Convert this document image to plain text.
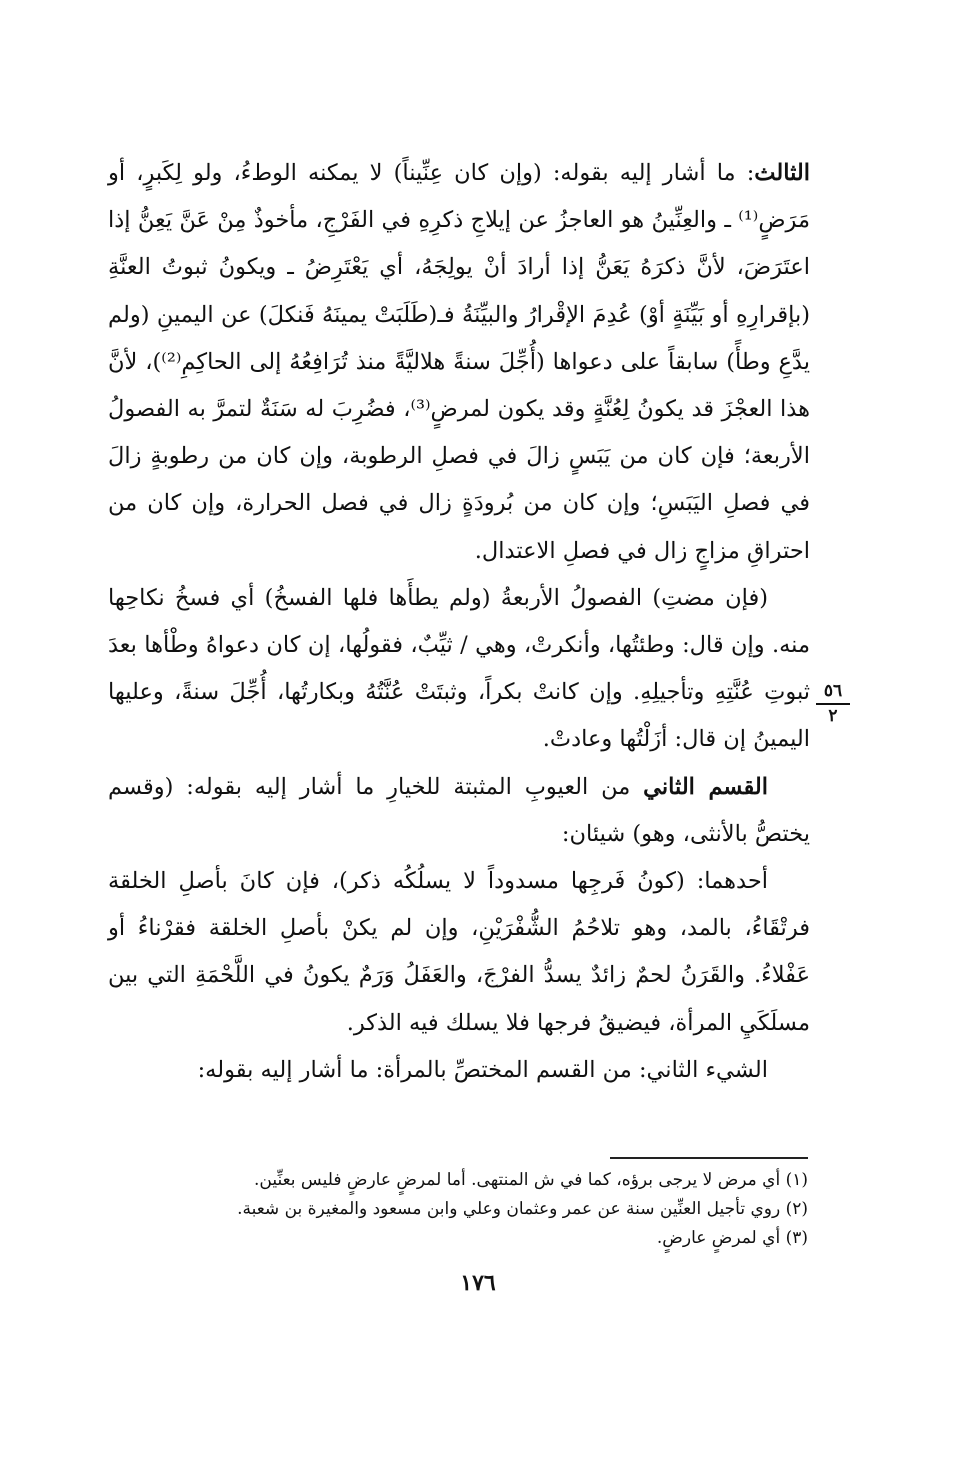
الثالث: ما أشار إليه بقوله: (وإن كان عِنِّيناً) لا يمكنه الوطءُ، ولو لِكَبرٍ، أو مَرَضٍ⁽¹⁾ ـ والعِنِّينُ هو العاجزُ عن إيلاجِ ذكرِهِ في الفَرْجِ، مأخوذٌ مِنْ عَنَّ يَعِنُّ إذا اعتَرَضَ، لأنَّ ذكرَهُ يَعَنُّ إذا أرادَ أنْ يولِجَهُ، أي يَعْتَرِضُ ـ ويكونُ ثبوتُ العنَّةِ (بإقرارِهِ أو بَيِّنَةٍ أوْ) عُدِمَ الإقْرارُ والبيِّنَةُ فـ(طَلَبَتْ يمينَهُ فَنكلَ) عن اليمينِ (ولم يدَّعِ وطأً) سابقاً على دعواها (أُجِّلَ سنةً هلاليَّةً منذ تُرَافِعُهُ إلى الحاكِمِ⁽²⁾)، لأنَّ هذا العجْزَ قد يكونُ لِعُنَّةٍ وقد يكون لمرضٍ⁽³⁾، فضُرِبَ له سَنَةٌ لتمرَّ به الفصولُ الأربعة؛ فإن كان من يَبَسٍ زالَ في فصلِ الرطوبة، وإن كان من رطوبةٍ زالَ في فصلِ اليَبَسِ؛ وإن كان من بُرودَةٍ زال في فصل الحرارة، وإن كان من احتراقِ مزاجٍ زال في فصلِ الاعتدال.

(فإن مضتِ) الفصولُ الأربعةُ (ولم يطأَها فلها الفسخُ) أي فسخُ نكاحِها منه. وإن قال: وطئتُها، وأنكرتْ، وهي / ثيِّبٌ، فقولُها، إن كان دعواهُ وطْأها بعدَ ثبوتِ عُنَّتِهِ وتأجيلِهِ. وإن كانتْ بكراً، وثبتَتْ عُنَّتُهُ وبكارتُها، أُجِّلَ سنةً، وعليها اليمينُ إن قال: أزَلْتُها وعادتْ.

القسم الثاني من العيوبِ المثبتة للخيارِ ما أشار إليه بقوله: (وقسم يختصُّ بالأنثى، وهو) شيئان:

أحدهما: (كونُ فَرجِها مسدوداً لا يسلُكُه ذكر)، فإن كانَ بأصلِ الخلقة فرتْقَاءُ، بالمد، وهو تلاحُمُ الشُّفْرَيْنِ، وإن لم يكنْ بأصلِ الخلقة فقرْناءُ أو عَفْلاءُ. والقَرَنُ لحمٌ زائدٌ يسدُّ الفرْجَ، والعَفَلُ وَرَمٌ يكونُ في اللَّحْمَةِ التي بين مسلَكَيِ المرأة، فيضيقُ فرجها فلا يسلك فيه الذكر.

الشيء الثاني: من القسم المختصِّ بالمرأة: ما أشار إليه بقوله:

٥٦
٢

(١) أي مرض لا يرجى برؤه، كما في ش المنتهى. أما لمرضٍ عارضٍ فليس بعنِّين.

(٢) روي تأجيل العنِّين سنة عن عمر وعثمان وعلي وابن مسعود والمغيرة بن شعبة.

(٣) أي لمرضٍ عارضٍ.

١٧٦
